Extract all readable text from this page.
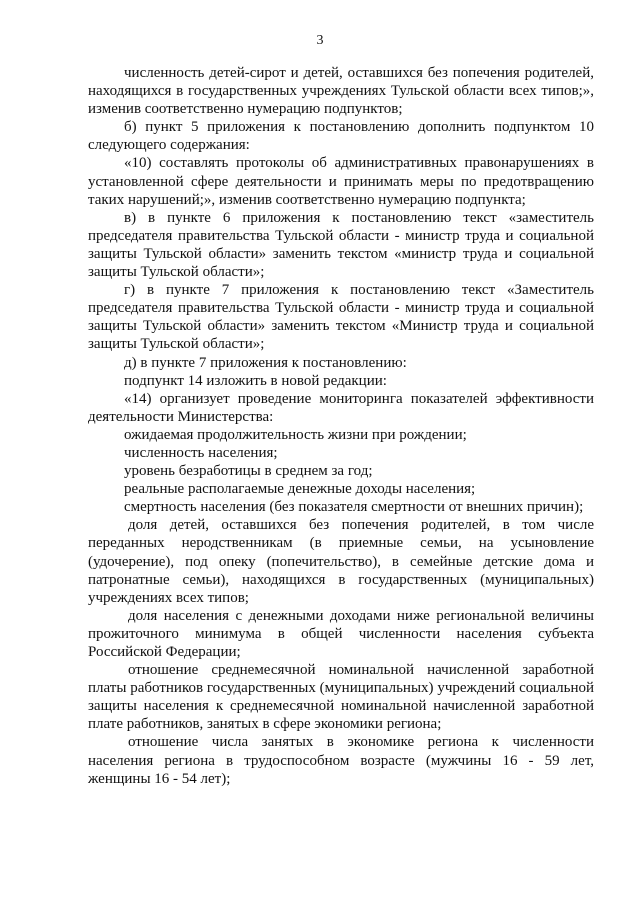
3

численность детей-сирот и детей, оставшихся без попечения родителей, находящихся в государственных учреждениях Тульской области всех типов;», изменив соответственно нумерацию подпунктов;

б) пункт 5 приложения к постановлению дополнить подпунктом 10 следующего содержания:

«10) составлять протоколы об административных правонарушениях в установленной сфере деятельности и принимать меры по предотвращению таких нарушений;», изменив соответственно нумерацию подпункта;

в) в пункте 6 приложения к постановлению текст «заместитель председателя правительства Тульской области - министр труда и социальной защиты Тульской области» заменить текстом «министр труда и социальной защиты Тульской области»;

г) в пункте 7 приложения к постановлению текст «Заместитель председателя правительства Тульской области - министр труда и социальной защиты Тульской области» заменить текстом «Министр труда и социальной защиты Тульской области»;

д) в пункте 7 приложения к постановлению:

подпункт 14 изложить в новой редакции:

«14) организует проведение мониторинга показателей эффективности деятельности Министерства:

ожидаемая продолжительность жизни при рождении;

численность населения;

уровень безработицы в среднем за год;

реальные располагаемые денежные доходы населения;

смертность населения (без показателя смертности от внешних причин);

доля детей, оставшихся без попечения родителей, в том числе переданных неродственникам (в приемные семьи, на усыновление (удочерение), под опеку (попечительство), в семейные детские дома и патронатные семьи), находящихся в государственных (муниципальных) учреждениях всех типов;

доля населения с денежными доходами ниже региональной величины прожиточного минимума в общей численности населения субъекта Российской Федерации;

отношение среднемесячной номинальной начисленной заработной платы работников государственных (муниципальных) учреждений социальной защиты населения к среднемесячной номинальной начисленной заработной плате работников, занятых в сфере экономики региона;

отношение числа занятых в экономике региона к численности населения региона в трудоспособном возрасте (мужчины 16 - 59 лет, женщины 16 - 54 лет);
